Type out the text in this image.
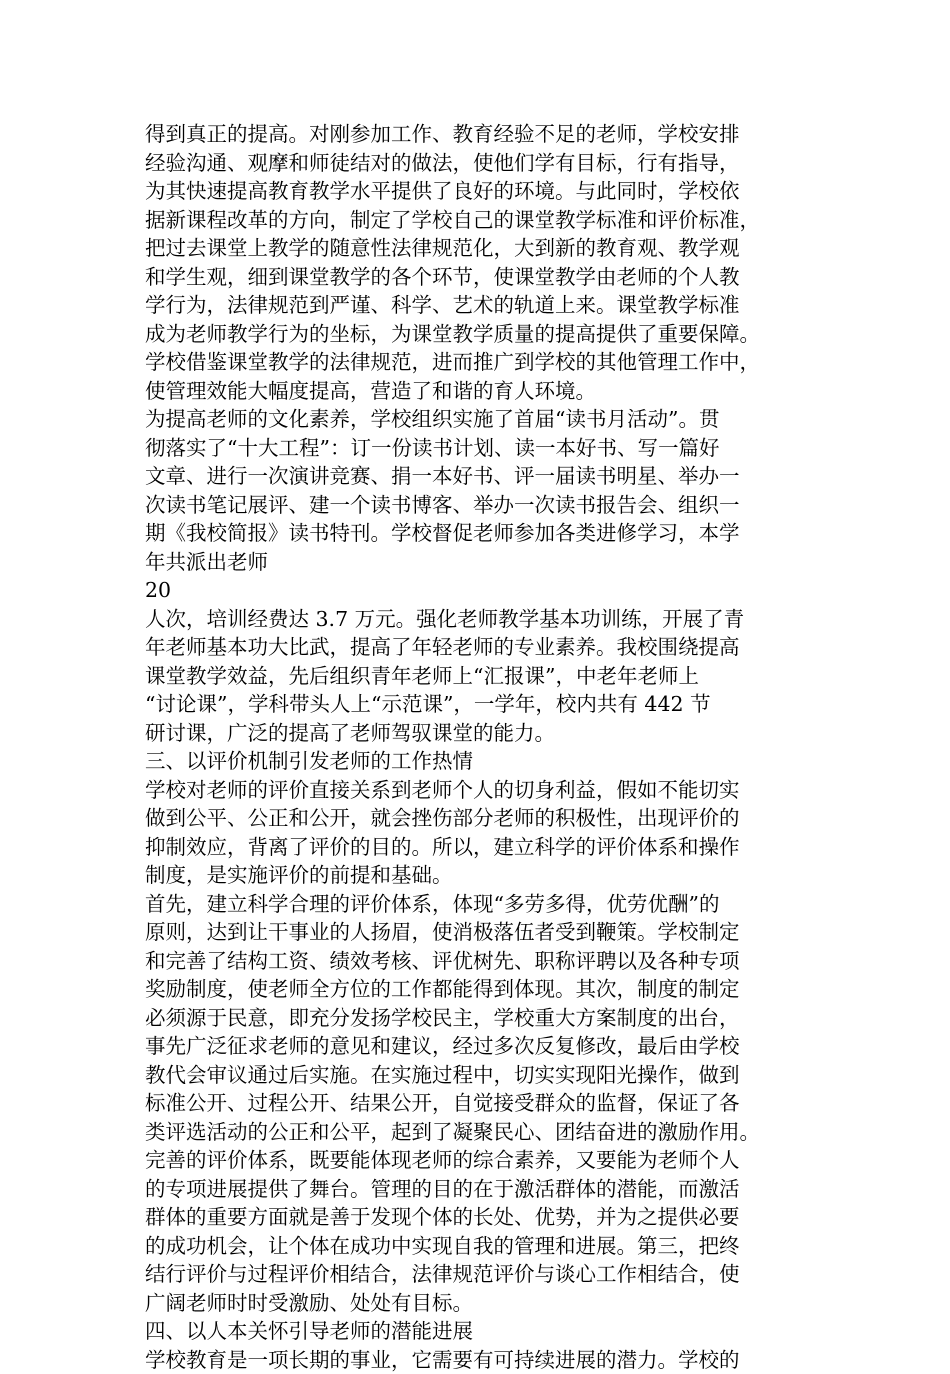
得到真正的提高。对刚参加工作、教育经验不足的老师，学校安排
经验沟通、观摩和师徒结对的做法，使他们学有目标，行有指导，
为其快速提高教育教学水平提供了良好的环境。与此同时，学校依
据新课程改革的方向，制定了学校自己的课堂教学标准和评价标准，
把过去课堂上教学的随意性法律规范化，大到新的教育观、教学观
和学生观，细到课堂教学的各个环节，使课堂教学由老师的个人教
学行为，法律规范到严谨、科学、艺术的轨道上来。课堂教学标准
成为老师教学行为的坐标，为课堂教学质量的提高提供了重要保障。
学校借鉴课堂教学的法律规范，进而推广到学校的其他管理工作中，
使管理效能大幅度提高，营造了和谐的育人环境。
为提高老师的文化素养，学校组织实施了首届“读书月活动”。贯
彻落实了“十大工程”：订一份读书计划、读一本好书、写一篇好
文章、进行一次演讲竞赛、捐一本好书、评一届读书明星、举办一
次读书笔记展评、建一个读书博客、举办一次读书报告会、组织一
期《我校简报》读书特刊。学校督促老师参加各类进修学习，本学
年共派出老师
20
人次，培训经费达 3.7 万元。强化老师教学基本功训练，开展了青
年老师基本功大比武，提高了年轻老师的专业素养。我校围绕提高
课堂教学效益，先后组织青年老师上“汇报课”，中老年老师上
“讨论课”，学科带头人上“示范课”，一学年，校内共有 442 节
研讨课，广泛的提高了老师驾驭课堂的能力。
三、以评价机制引发老师的工作热情
学校对老师的评价直接关系到老师个人的切身利益，假如不能切实
做到公平、公正和公开，就会挫伤部分老师的积极性，出现评价的
抑制效应，背离了评价的目的。所以，建立科学的评价体系和操作
制度，是实施评价的前提和基础。
首先，建立科学合理的评价体系，体现“多劳多得，优劳优酬”的
原则，达到让干事业的人扬眉，使消极落伍者受到鞭策。学校制定
和完善了结构工资、绩效考核、评优树先、职称评聘以及各种专项
奖励制度，使老师全方位的工作都能得到体现。其次，制度的制定
必须源于民意，即充分发扬学校民主，学校重大方案制度的出台，
事先广泛征求老师的意见和建议，经过多次反复修改，最后由学校
教代会审议通过后实施。在实施过程中，切实实现阳光操作，做到
标准公开、过程公开、结果公开，自觉接受群众的监督，保证了各
类评选活动的公正和公平，起到了凝聚民心、团结奋进的激励作用。
完善的评价体系，既要能体现老师的综合素养，又要能为老师个人
的专项进展提供了舞台。管理的目的在于激活群体的潜能，而激活
群体的重要方面就是善于发现个体的长处、优势，并为之提供必要
的成功机会，让个体在成功中实现自我的管理和进展。第三，把终
结行评价与过程评价相结合，法律规范评价与谈心工作相结合，使
广阔老师时时受激励、处处有目标。
四、以人本关怀引导老师的潜能进展
学校教育是一项长期的事业，它需要有可持续进展的潜力。学校的
